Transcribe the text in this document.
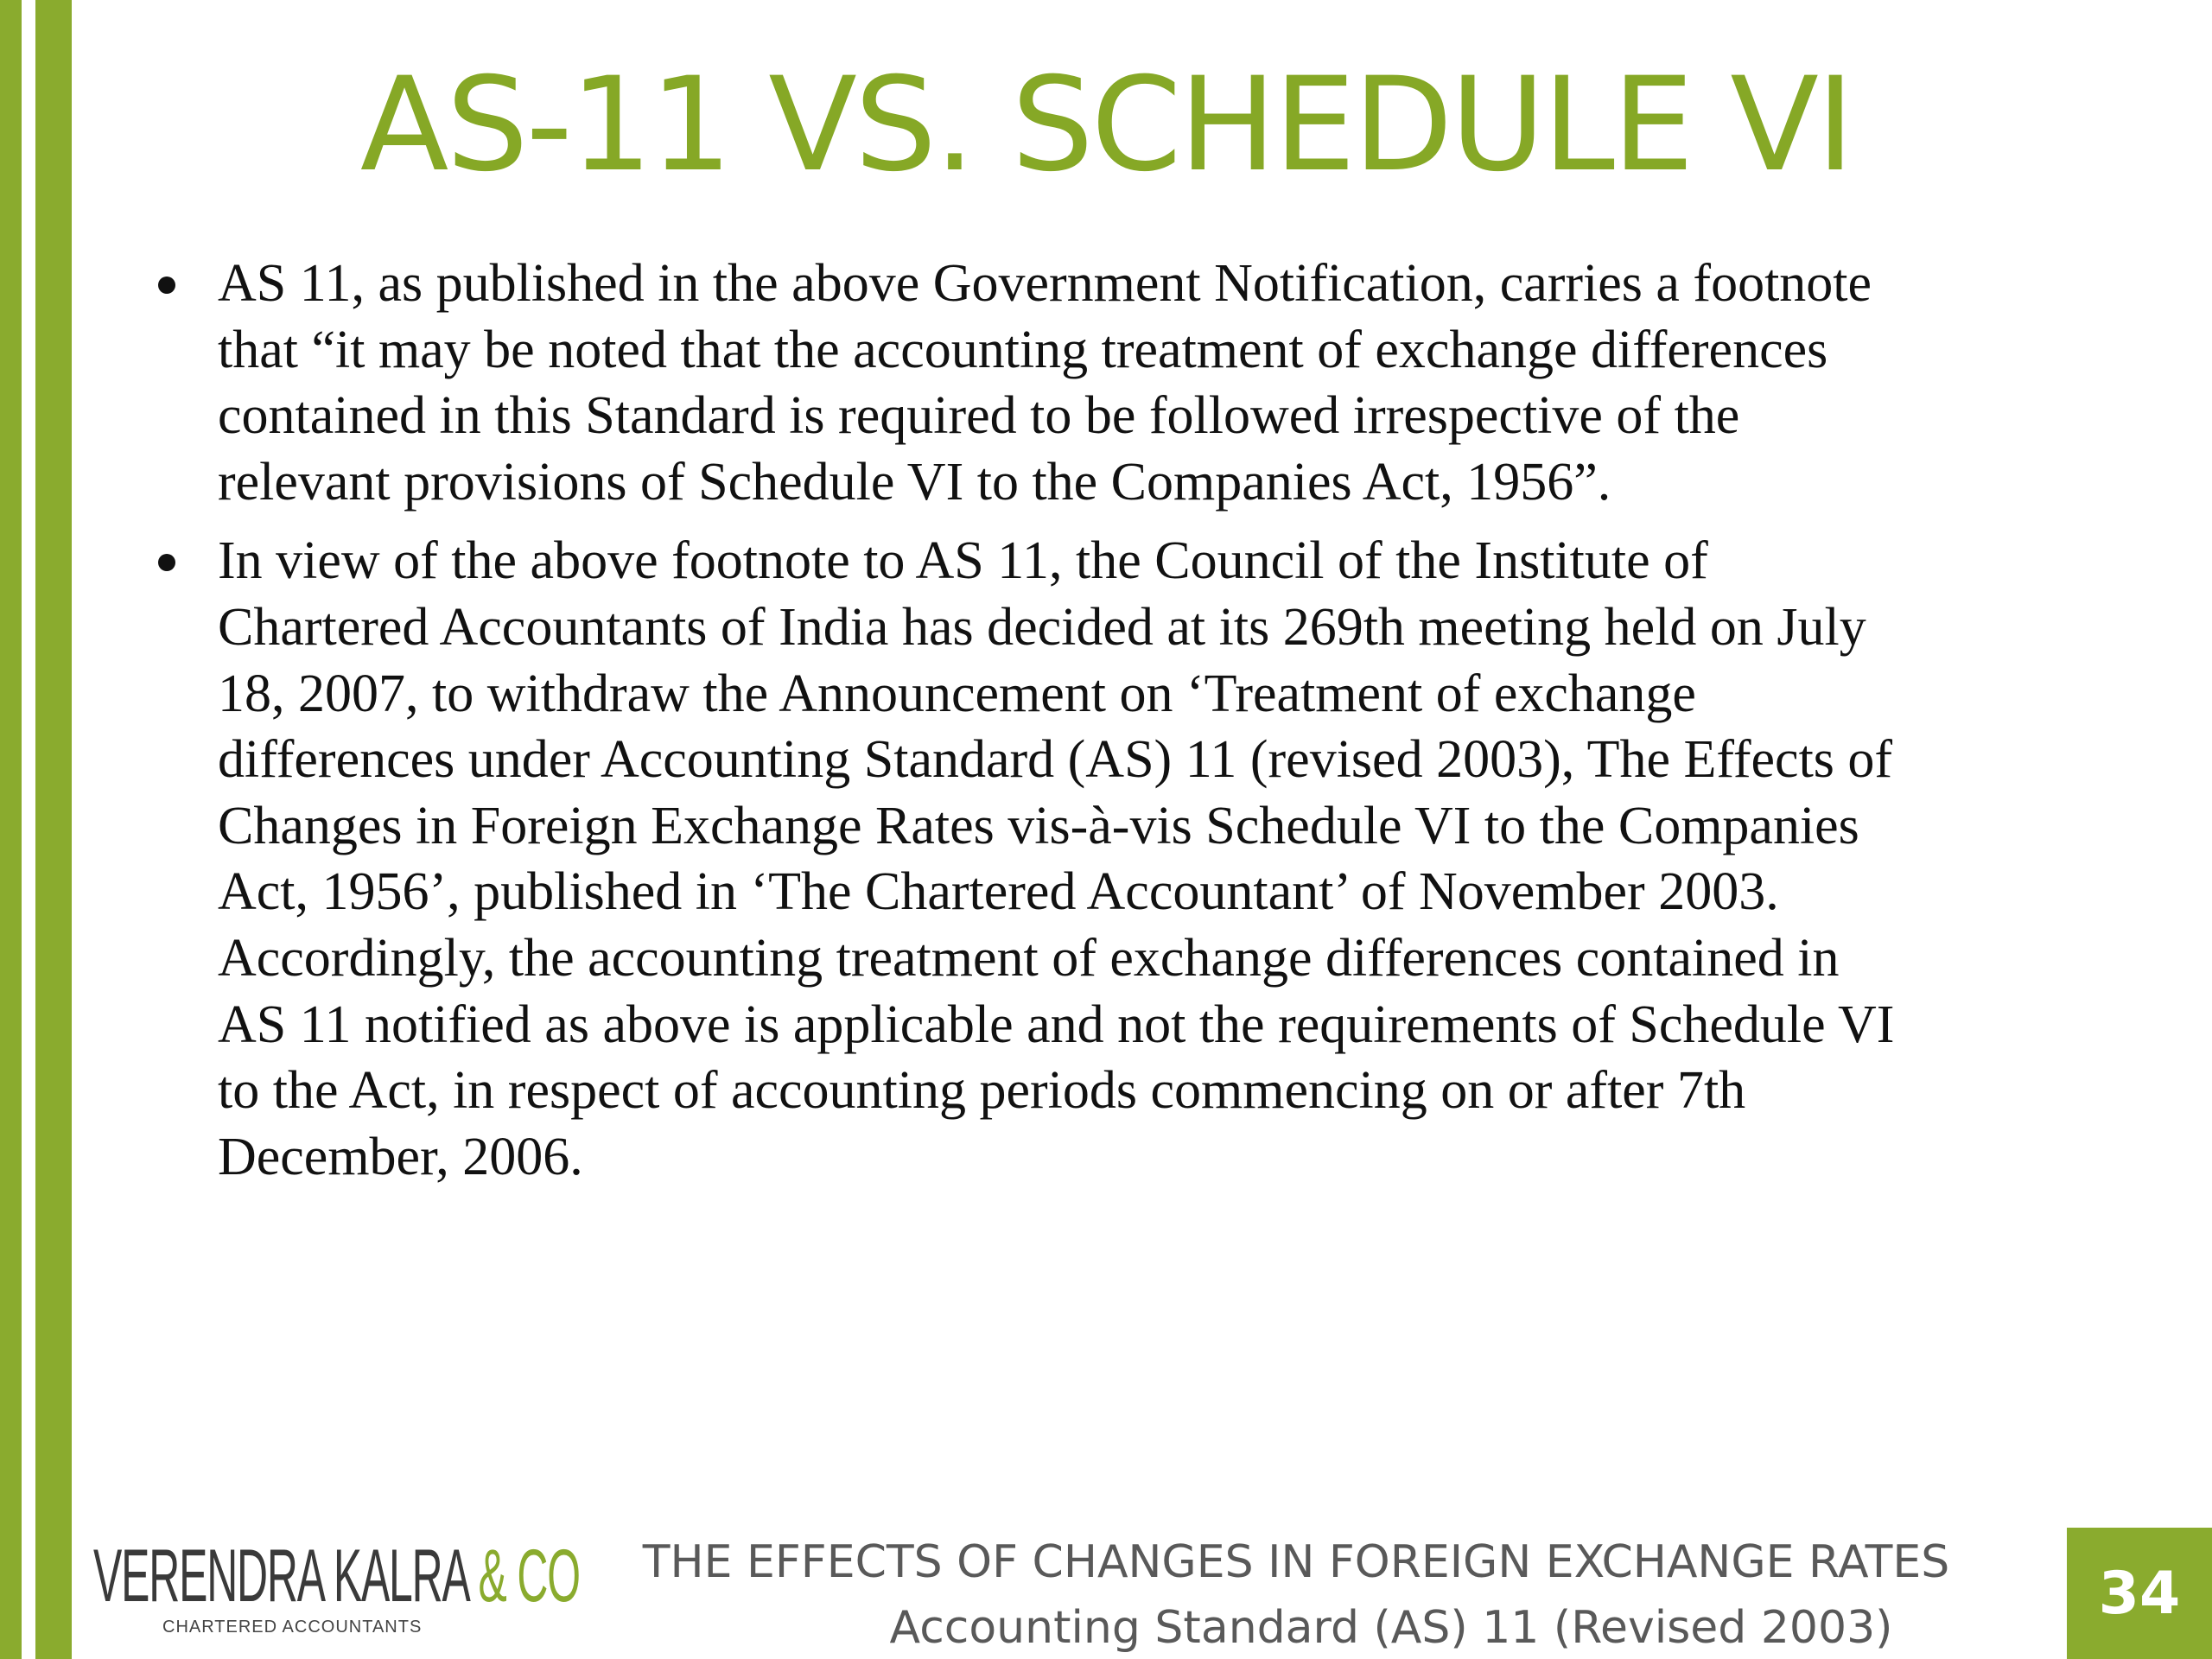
AS-11 VS. SCHEDULE VI
AS 11, as published in the above Government Notification, carries a footnote
that “it may be noted that the accounting treatment of exchange differences
contained in this Standard is required to be followed irrespective of the
relevant provisions of Schedule VI to the Companies Act, 1956”.
In view of the above footnote to AS 11, the Council of the Institute of
Chartered Accountants of India has decided at its 269th meeting held on July
18, 2007, to withdraw the Announcement on ‘Treatment of exchange
differences under Accounting Standard (AS) 11 (revised 2003), The Effects of
Changes in Foreign Exchange Rates vis-à-vis Schedule VI to the Companies
Act, 1956’, published in ‘The Chartered Accountant’ of November 2003.
Accordingly, the accounting treatment of exchange differences contained in
AS 11 notified as above is applicable and not the requirements of Schedule VI
to the Act, in respect of accounting periods commencing on or after 7th
December, 2006.
VERENDRA KALRA & CO
CHARTERED ACCOUNTANTS
THE EFFECTS OF CHANGES IN FOREIGN EXCHANGE RATES
Accounting Standard (AS) 11 (Revised 2003)
34
